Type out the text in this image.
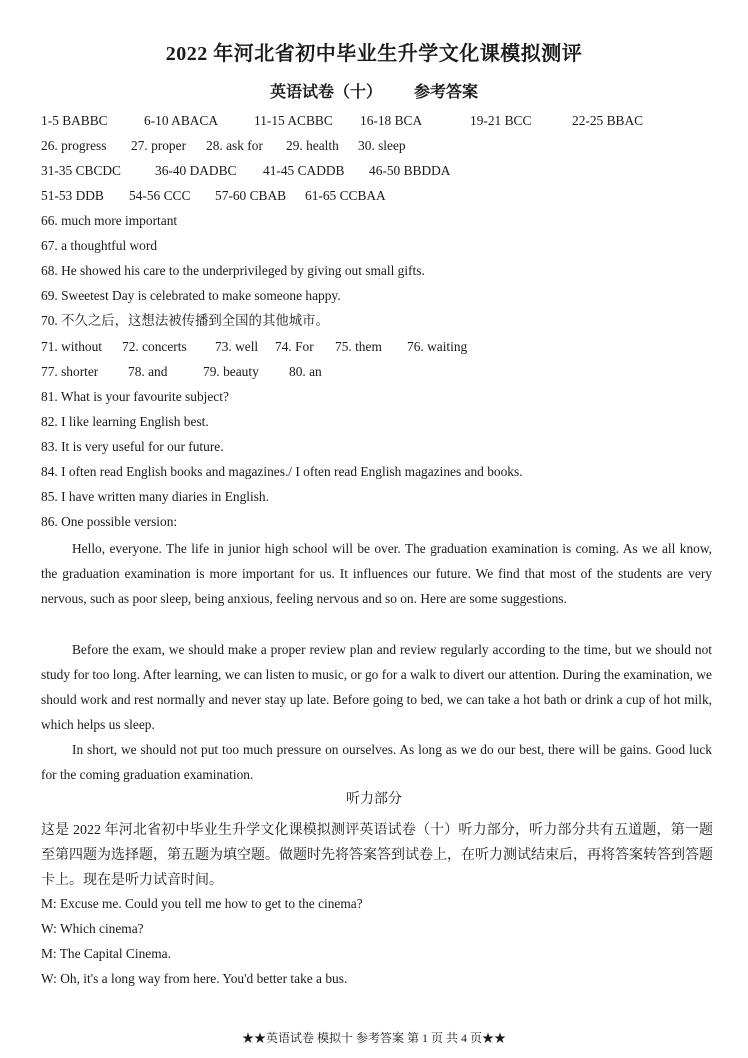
2022 年河北省初中毕业生升学文化课模拟测评
英语试卷（十）        参考答案
1-5 BABBC	6-10 ABACA	11-15 ACBBC 16-18 BCA	19-21 BCC	22-25 BBAC
26. progress 27. proper 28. ask for 29. health 30. sleep
31-35 CBCDC	36-40 DADBC 41-45 CADDB 46-50 BBDDA
51-53 DDB 54-56 CCC 57-60 CBAB 61-65 CCBAA
66. much more important
67. a thoughtful word
68. He showed his care to the underprivileged by giving out small gifts.
69. Sweetest Day is celebrated to make someone happy.
70. 不久之后，这想法被传播到全国的其他城市。
71. without 72. concerts 73. well 74. For 75. them 76. waiting
77. shorter 78. and	79. beauty 80. an
81. What is your favourite subject?
82. I like learning English best.
83. It is very useful for our future.
84. I often read English books and magazines./ I often read English magazines and books.
85. I have written many diaries in English.
86. One possible version:
Hello, everyone. The life in junior high school will be over. The graduation examination is coming. As we all know, the graduation examination is more important for us. It influences our future. We find that most of the students are very nervous, such as poor sleep, being anxious, feeling nervous and so on. Here are some suggestions.
Before the exam, we should make a proper review plan and review regularly according to the time, but we should not study for too long. After learning, we can listen to music, or go for a walk to divert our attention. During the examination, we should work and rest normally and never stay up late. Before going to bed, we can take a hot bath or drink a cup of hot milk, which helps us sleep.
In short, we should not put too much pressure on ourselves. As long as we do our best, there will be gains. Good luck for the coming graduation examination.
听力部分
这是 2022 年河北省初中毕业生升学文化课模拟测评英语试卷（十）听力部分，听力部分共有五道题，第一题至第四题为选择题，第五题为填空题。做题时先将答案答到试卷上，在听力测试结束后，再将答案转答到答题卡上。现在是听力试音时间。
M: Excuse me. Could you tell me how to get to the cinema?
W: Which cinema?
M: The Capital Cinema.
W: Oh, it's a long way from here. You'd better take a bus.
★★英语试卷 模拟十 参考答案 第 1 页 共 4 页★★
